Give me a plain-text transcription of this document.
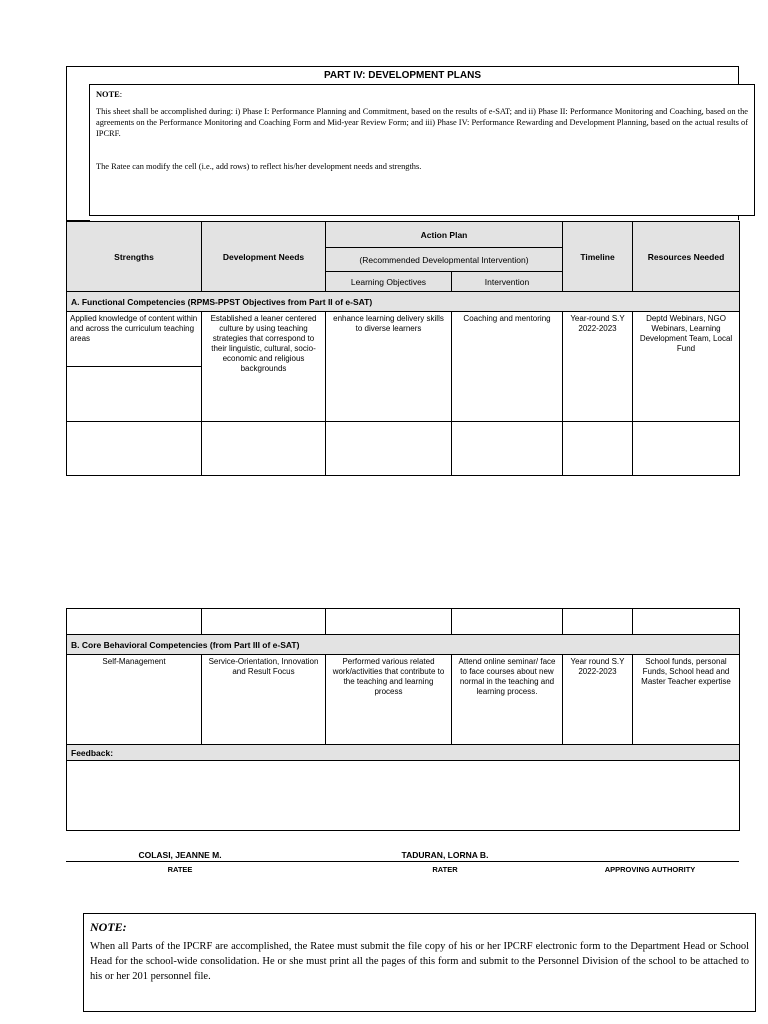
PART IV: DEVELOPMENT PLANS
NOTE:

This sheet shall be accomplished during: i) Phase I: Performance Planning and Commitment, based on the results of e-SAT; and ii) Phase II: Performance Monitoring and Coaching, based on the agreements on the Performance Monitoring and Coaching Form and Mid-year Review Form; and iii) Phase IV: Performance Rewarding and Development Planning, based on the actual results of IPCRF.

The Ratee can modify the cell (i.e., add rows) to reflect his/her development needs and strengths.

Strengths	Development Needs	Action Plan		Timeline	Resources Needed
		(Recommended Developmental Intervention)			
		Learning Objectives	Intervention		
A. Functional Competencies (RPMS-PPST Objectives from Part II of e-SAT)					
Applied knowledge of content within and across the curriculum teaching areas	Established a leaner centered culture by using teaching strategies that correspond to their linguistic, cultural, socio-economic and religious backgrounds	enhance learning delivery skills to diverse learners	Coaching and mentoring	Year-round S.Y 2022-2023	Deptd Webinars, NGO Webinars, Learning Development Team, Local Fund

B. Core Behavioral Competencies (from Part III of e-SAT)					
Self-Management	Service-Orientation, Innovation and Result Focus	Performed various related work/activities that contribute to the teaching and learning process	Attend online seminar/ face to face courses about new normal in the teaching and learning process.	Year round S.Y 2022-2023	School funds, personal Funds, School head and Master Teacher expertise
Feedback:					

COLASI, JEANNE M.	TADURAN, LORNA B.
RATEE	RATER	APPROVING AUTHORITY
NOTE:

When all Parts of the IPCRF are accomplished, the Ratee must submit the file copy of his or her IPCRF electronic form to the Department Head or School Head for the school-wide consolidation. He or she must print all the pages of this form and submit to the Personnel Division of the school to be attached to his or her 201 personnel file.
